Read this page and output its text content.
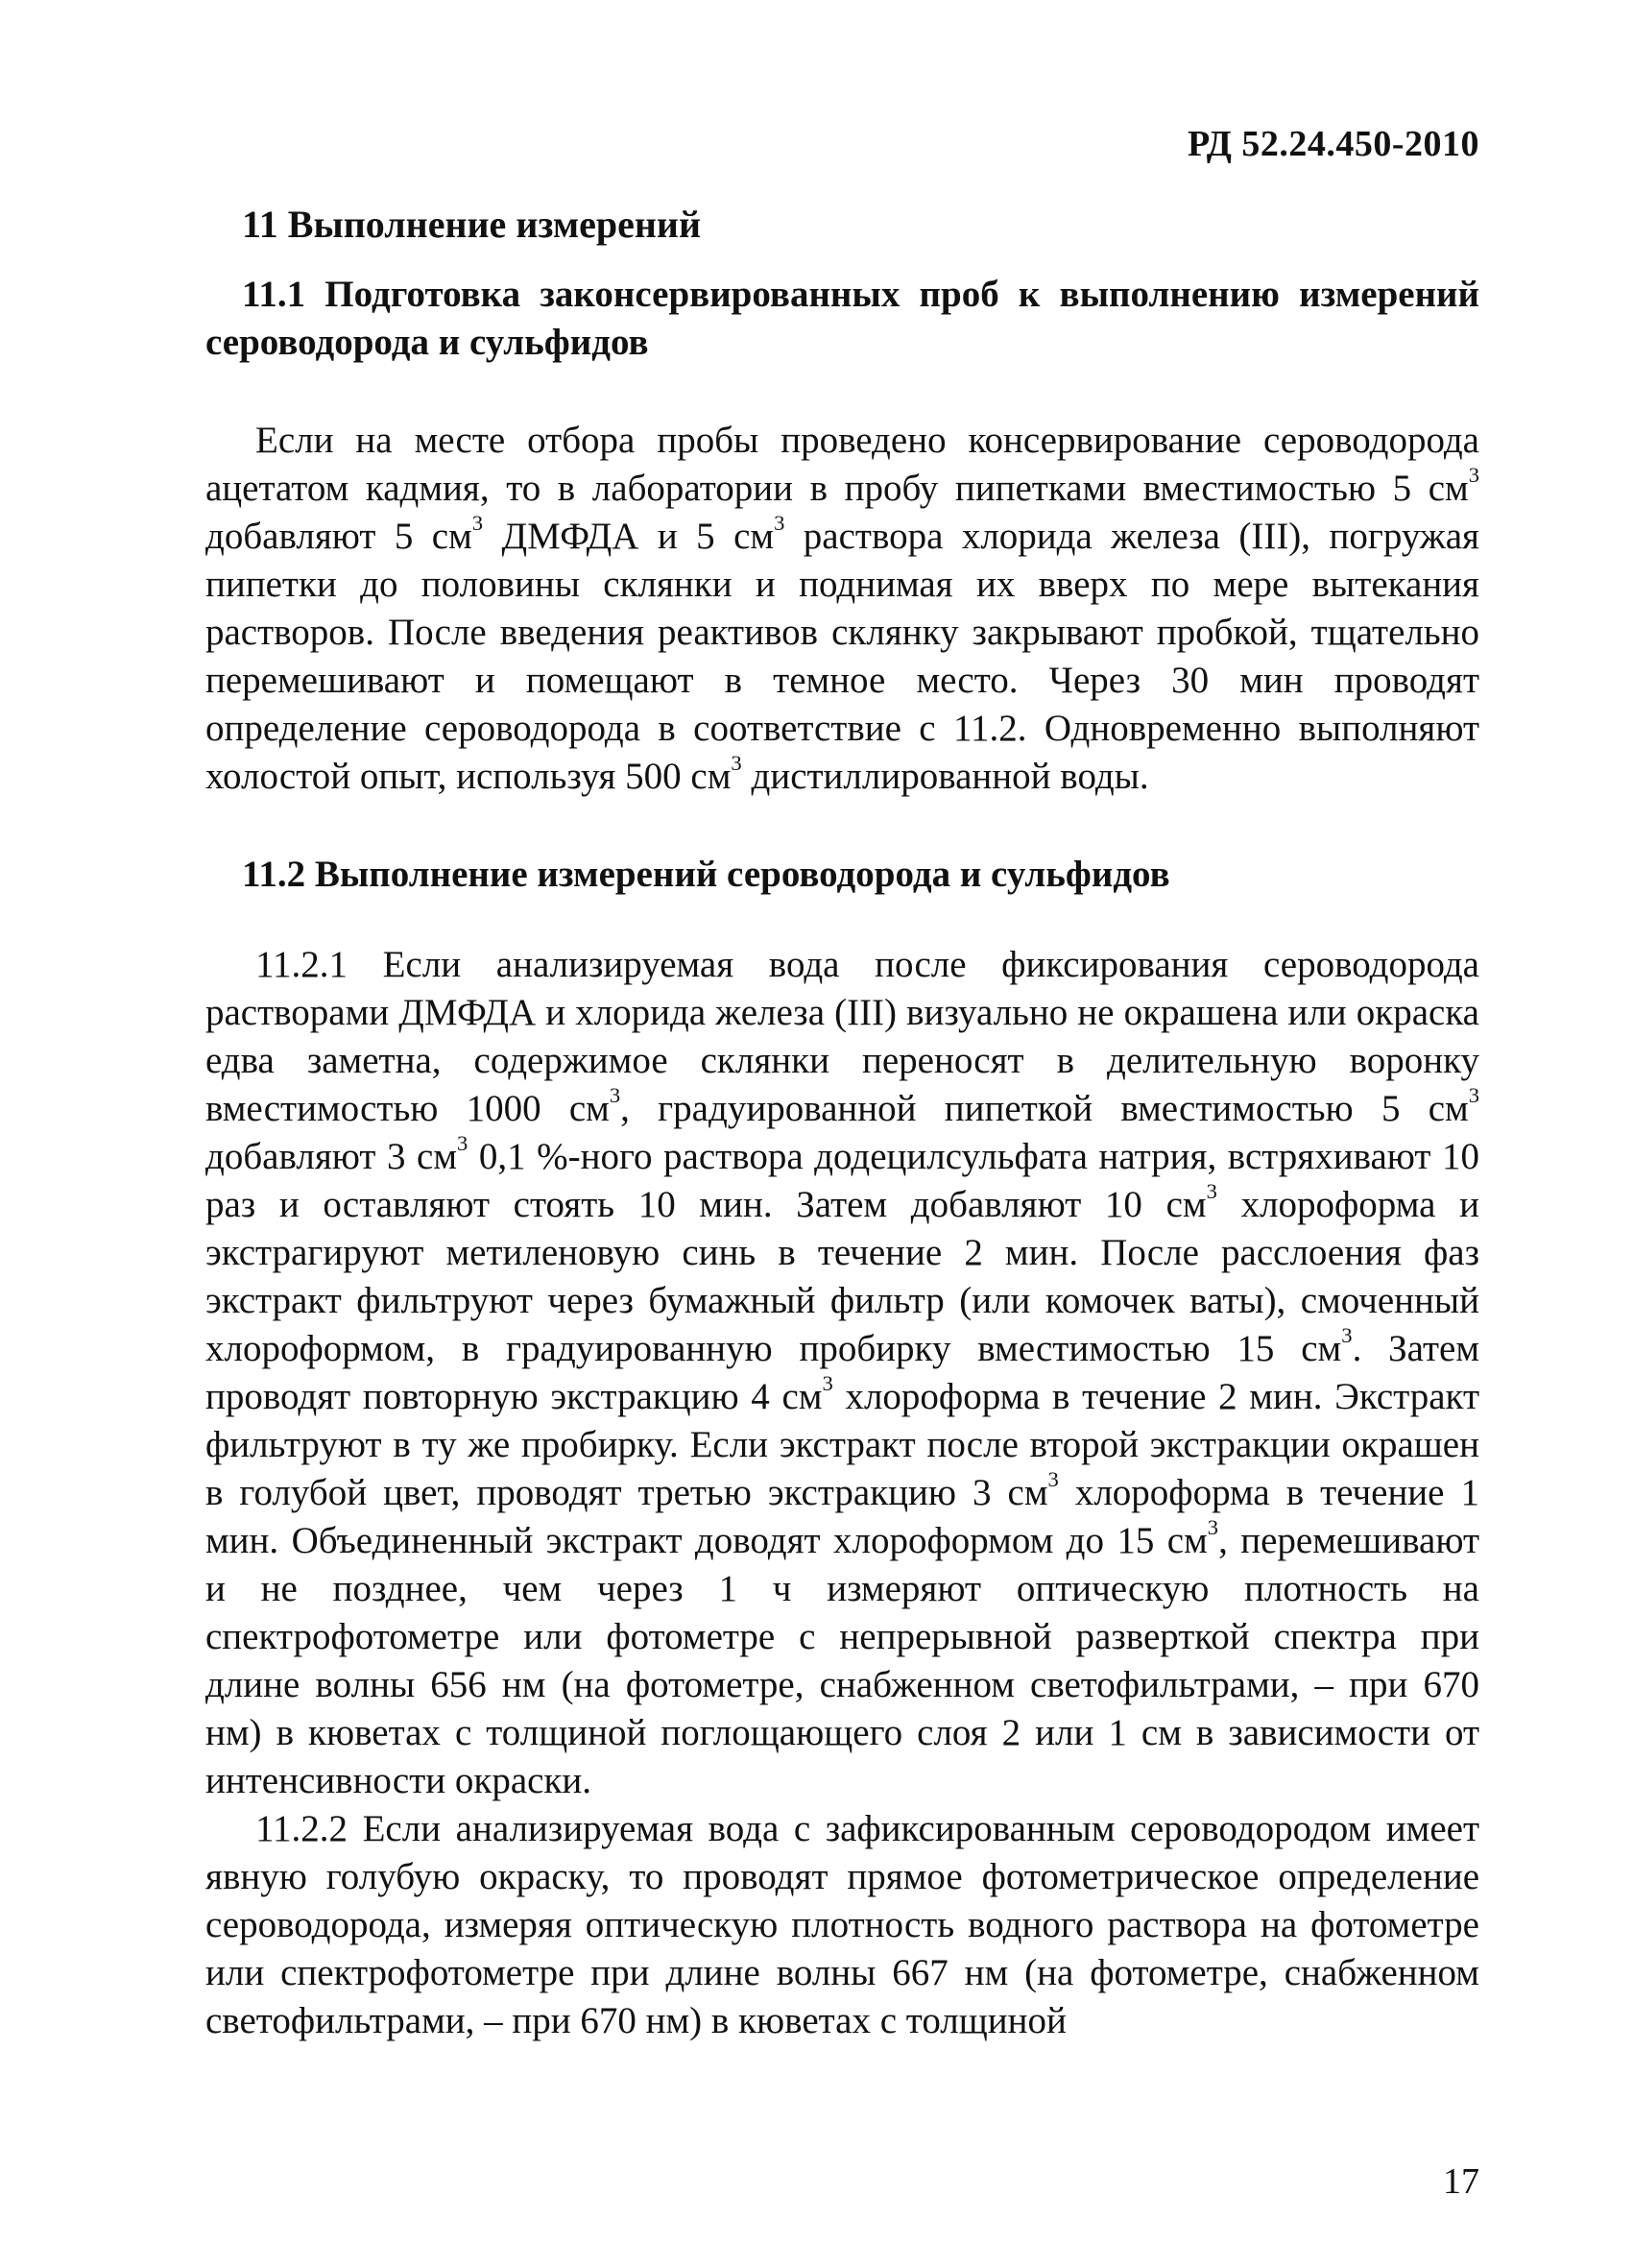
РД 52.24.450-2010
11 Выполнение измерений
11.1 Подготовка законсервированных проб к выполнению измерений сероводорода и сульфидов

Если на месте отбора пробы проведено консервирование сероводорода ацетатом кадмия, то в лаборатории в пробу пипетками вместимостью 5 $см^3$ добавляют 5 $см^3$ ДМФДА и 5 $см^3$ раствора хлорида железа (III), погружая пипетки до половины склянки и поднимая их вверх по мере вытекания растворов. После введения реактивов склянку закрывают пробкой, тщательно перемешивают и помещают в темное место. Через 30 мин проводят определение сероводорода в соответствие с 11.2. Одновременно выполняют холостой опыт, используя 500 $см^3$ дистиллированной воды.

11.2 Выполнение измерений сероводорода и сульфидов

11.2.1 Если анализируемая вода после фиксирования сероводорода растворами ДМФДА и хлорида железа (III) визуально не окрашена или окраска едва заметна, содержимое склянки переносят в делительную воронку вместимостью 1000 $см^3$, градуированной пипеткой вместимостью 5 $см^3$ добавляют 3 $см^3$ 0,1 %-ного раствора додецилсульфата натрия, встряхивают 10 раз и оставляют стоять 10 мин. Затем добавляют 10 $см^3$ хлороформа и экстрагируют метиленовую синь в течение 2 мин. После расслоения фаз экстракт фильтруют через бумажный фильтр (или комочек ваты), смоченный хлороформом, в градуированную пробирку вместимостью 15 $см^3$. Затем проводят повторную экстракцию 4 $см^3$ хлороформа в течение 2 мин. Экстракт фильтруют в ту же пробирку. Если экстракт после второй экстракции окрашен в голубой цвет, проводят третью экстракцию 3 $см^3$ хлороформа в течение 1 мин. Объединенный экстракт доводят хлороформом до 15 $см^3$, перемешивают и не позднее, чем через 1 ч измеряют оптическую плотность на спектрофотометре или фотометре с непрерывной разверткой спектра при длине волны 656 нм (на фотометре, снабженном светофильтрами, – при 670 нм) в кюветах с толщиной поглощающего слоя 2 или 1 см в зависимости от интенсивности окраски.

11.2.2 Если анализируемая вода с зафиксированным сероводородом имеет явную голубую окраску, то проводят прямое фотометрическое определение сероводорода, измеряя оптическую плотность водного раствора на фотометре или спектрофотометре при длине волны 667 нм (на фотометре, снабженном светофильтрами, – при 670 нм) в кюветах с толщиной

17
